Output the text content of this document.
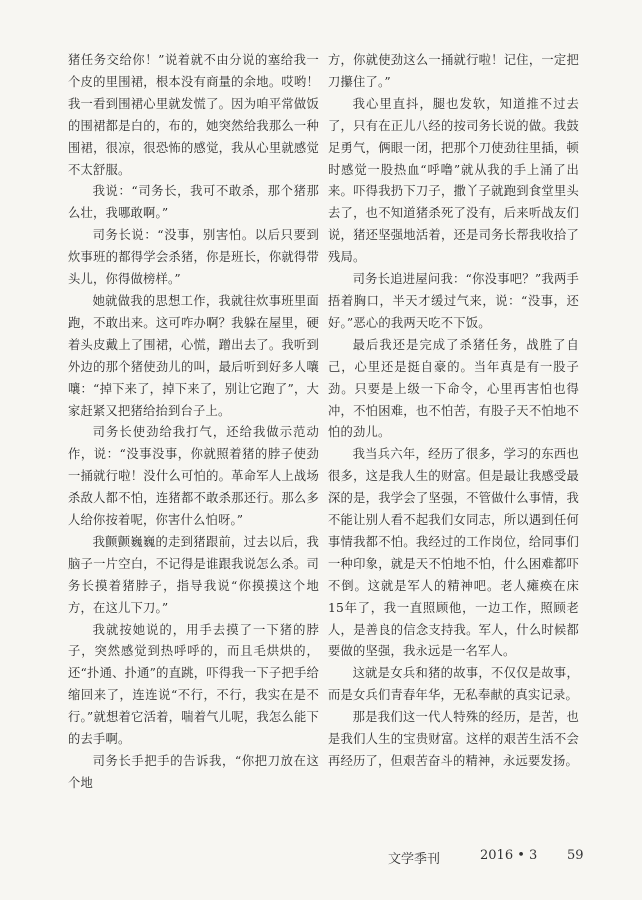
猪任务交给你！”说着就不由分说的塞给我一个皮的里围裙，根本没有商量的余地。哎哟！我一看到围裙心里就发慌了。因为咱平常做饭的围裙都是白的，布的，她突然给我那么一种围裙，很凉，很恐怖的感觉，我从心里就感觉不太舒服。

我说：“司务长，我可不敢杀，那个猪那么壮，我哪敢啊。”

司务长说：“没事，别害怕。以后只要到炊事班的都得学会杀猪，你是班长，你就得带头儿，你得做榜样。”

她就做我的思想工作，我就往炊事班里面跑，不敢出来。这可咋办啊？我躲在屋里，硬着头皮戴上了围裙，心慌，蹭出去了。我听到外边的那个猪使劲儿的叫，最后听到好多人嚷嚷：“掉下来了，掉下来了，别让它跑了”，大家赶紧又把猪给抬到台子上。

司务长使劲给我打气，还给我做示范动作，说：“没事没事，你就照着猪的脖子使劲一捅就行啦！没什么可怕的。革命军人上战场杀敌人都不怕，连猪都不敢杀那还行。那么多人给你按着呢，你害什么怕呀。”

我颤颤巍巍的走到猪跟前，过去以后，我脑子一片空白，不记得是谁跟我说怎么杀。司务长摸着猪脖子，指导我说“你摸摸这个地方，在这儿下刀。”

我就按她说的，用手去摸了一下猪的脖子，突然感觉到热呼呼的，而且毛烘烘的，还“扑通、扑通”的直跳，吓得我一下子把手给缩回来了，连连说“不行，不行，我实在是不行。”就想着它活着，喘着气儿呢，我怎么能下的去手啊。

司务长手把手的告诉我，“你把刀放在这个地

方，你就使劲这么一捅就行啦！记住，一定把刀攥住了。”

我心里直抖，腿也发软，知道推不过去了，只有在正儿八经的按司务长说的做。我鼓足勇气，俩眼一闭，把那个刀使劲往里插，顿时感觉一股热血“呼噜”就从我的手上涌了出来。吓得我扔下刀子，撒丫子就跑到食堂里头去了，也不知道猪杀死了没有，后来听战友们说，猪还坚强地活着，还是司务长帮我收拾了残局。

司务长追进屋问我：“你没事吧？”我两手捂着胸口，半天才缓过气来，说：“没事，还好。”恶心的我两天吃不下饭。

最后我还是完成了杀猪任务，战胜了自己，心里还是挺自豪的。当年真是有一股子劲。只要是上级一下命令，心里再害怕也得冲，不怕困难，也不怕苦，有股子天不怕地不怕的劲儿。

我当兵六年，经历了很多，学习的东西也很多，这是我人生的财富。但是最让我感受最深的是，我学会了坚强，不管做什么事情，我不能让别人看不起我们女同志，所以遇到任何事情我都不怕。我经过的工作岗位，给同事们一种印象，就是天不怕地不怕，什么困难都吓不倒。这就是军人的精神吧。老人瘫痪在床15年了，我一直照顾他，一边工作，照顾老人，是善良的信念支持我。军人，什么时候都要做的坚强，我永远是一名军人。

这就是女兵和猪的故事，不仅仅是故事，而是女兵们青春年华，无私奉献的真实记录。

那是我们这一代人特殊的经历，是苦，也是我们人生的宝贵财富。这样的艰苦生活不会再经历了，但艰苦奋斗的精神，永远要发扬。

文学季刊	2016 • 3 59
